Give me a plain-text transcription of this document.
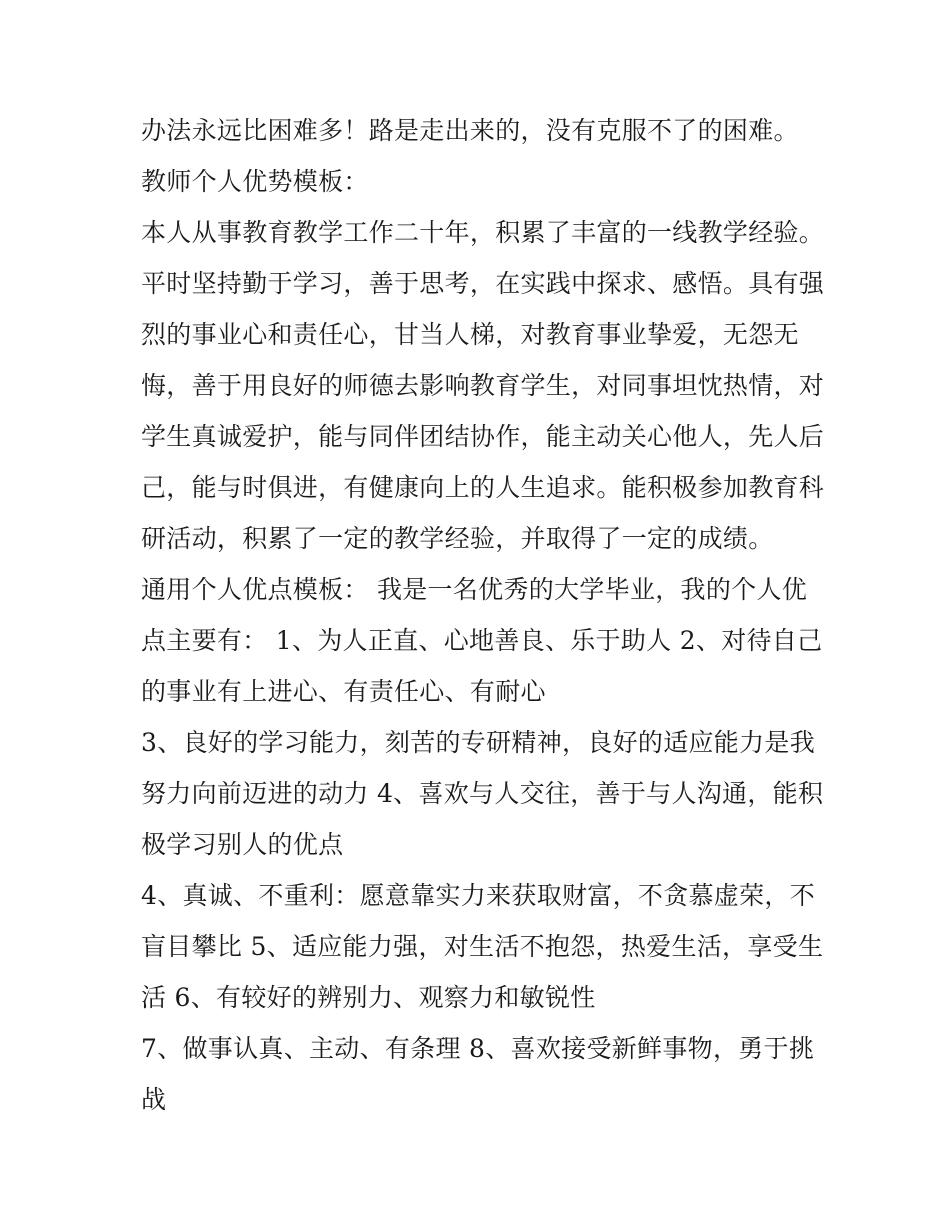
办法永远比困难多！路是走出来的，没有克服不了的困难。
教师个人优势模板：
本人从事教育教学工作二十年，积累了丰富的一线教学经验。
平时坚持勤于学习，善于思考，在实践中探求、感悟。具有强
烈的事业心和责任心，甘当人梯，对教育事业挚爱，无怨无
悔，善于用良好的师德去影响教育学生，对同事坦忱热情，对
学生真诚爱护，能与同伴团结协作，能主动关心他人，先人后
己，能与时俱进，有健康向上的人生追求。能积极参加教育科
研活动，积累了一定的教学经验，并取得了一定的成绩。
通用个人优点模板： 我是一名优秀的大学毕业，我的个人优
点主要有： 1、为人正直、心地善良、乐于助人 2、对待自己
的事业有上进心、有责任心、有耐心
3、良好的学习能力，刻苦的专研精神，良好的适应能力是我
努力向前迈进的动力 4、喜欢与人交往，善于与人沟通，能积
极学习别人的优点
4、真诚、不重利：愿意靠实力来获取财富，不贪慕虚荣，不
盲目攀比 5、适应能力强，对生活不抱怨，热爱生活，享受生
活 6、有较好的辨别力、观察力和敏锐性
7、做事认真、主动、有条理 8、喜欢接受新鲜事物，勇于挑
战
